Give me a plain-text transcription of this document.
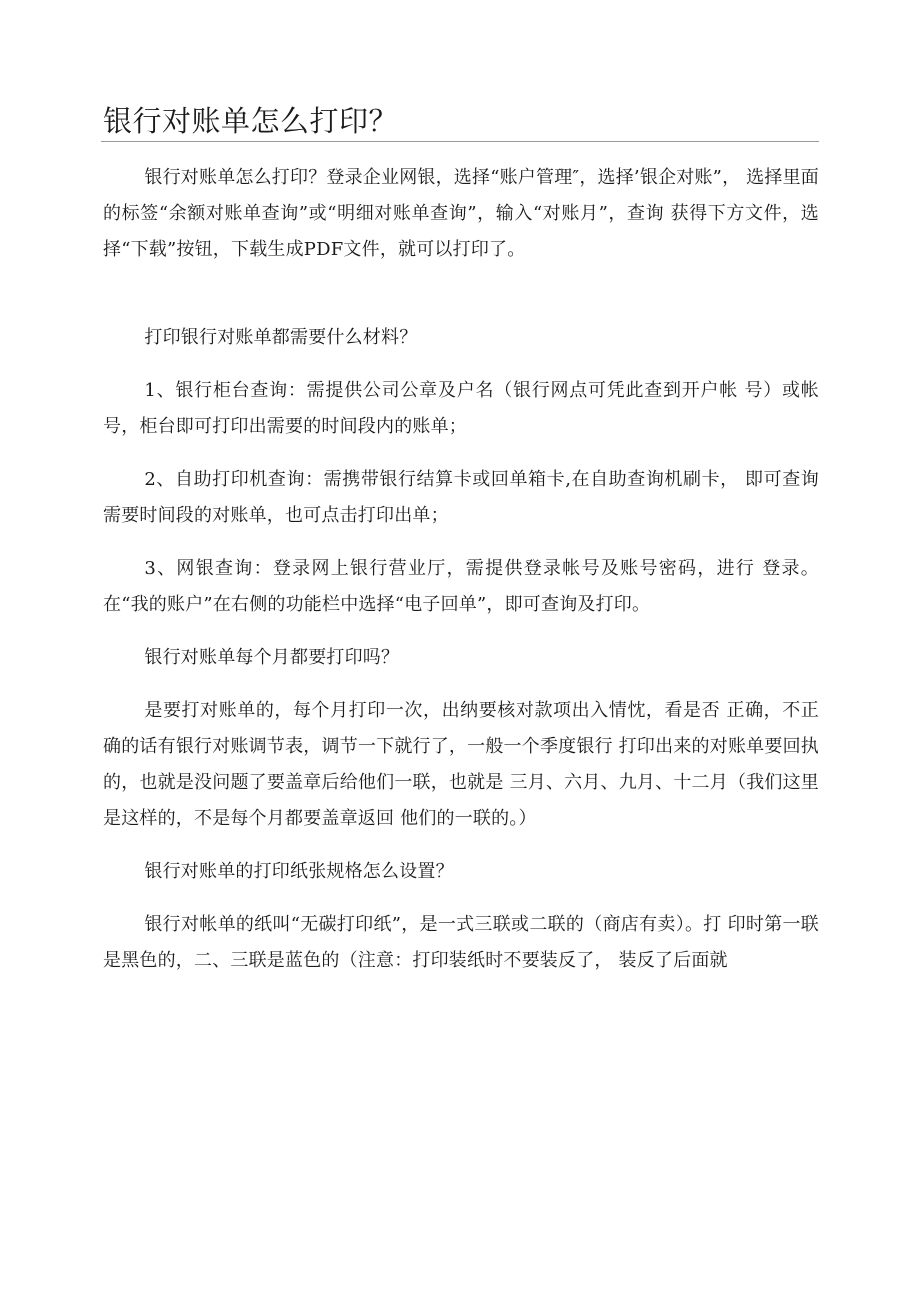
银行对账单怎么打印？

银行对账单怎么打印？登录企业网银，选择“账户管理″，选择’银企对账”， 选择里面的标签“余额对账单查询”或“明细对账单查询”，输入“对账月”，查询 获得下方文件，选择“下载”按钮，下载生成PDF文件，就可以打印了。

打印银行对账单都需要什么材料？

1、银行柜台查询：需提供公司公章及户名（银行网点可凭此查到开户帐 号）或帐号，柜台即可打印出需要的时间段内的账单；

2、自助打印机查询：需携带银行结算卡或回单箱卡,在自助查询机刷卡， 即可查询需要时间段的对账单，也可点击打印出单；

3、网银查询：登录网上银行营业厅，需提供登录帐号及账号密码，进行 登录。在“我的账户”在右侧的功能栏中选择“电子回单”，即可查询及打印。

银行对账单每个月都要打印吗？

是要打对账单的，每个月打印一次，出纳要核对款项出入情忱，看是否 正确，不正确的话有银行对账调节表，调节一下就行了，一般一个季度银行 打印出来的对账单要回执的，也就是没问题了要盖章后给他们一联，也就是 三月、六月、九月、十二月（我们这里是这样的，不是每个月都要盖章返回 他们的一联的。）

银行对账单的打印纸张规格怎么设置？

银行对帐单的纸叫“无碳打印纸”，是一式三联或二联的（商店有卖）。打 印时第一联是黑色的，二、三联是蓝色的（注意：打印装纸时不要装反了， 装反了后面就
